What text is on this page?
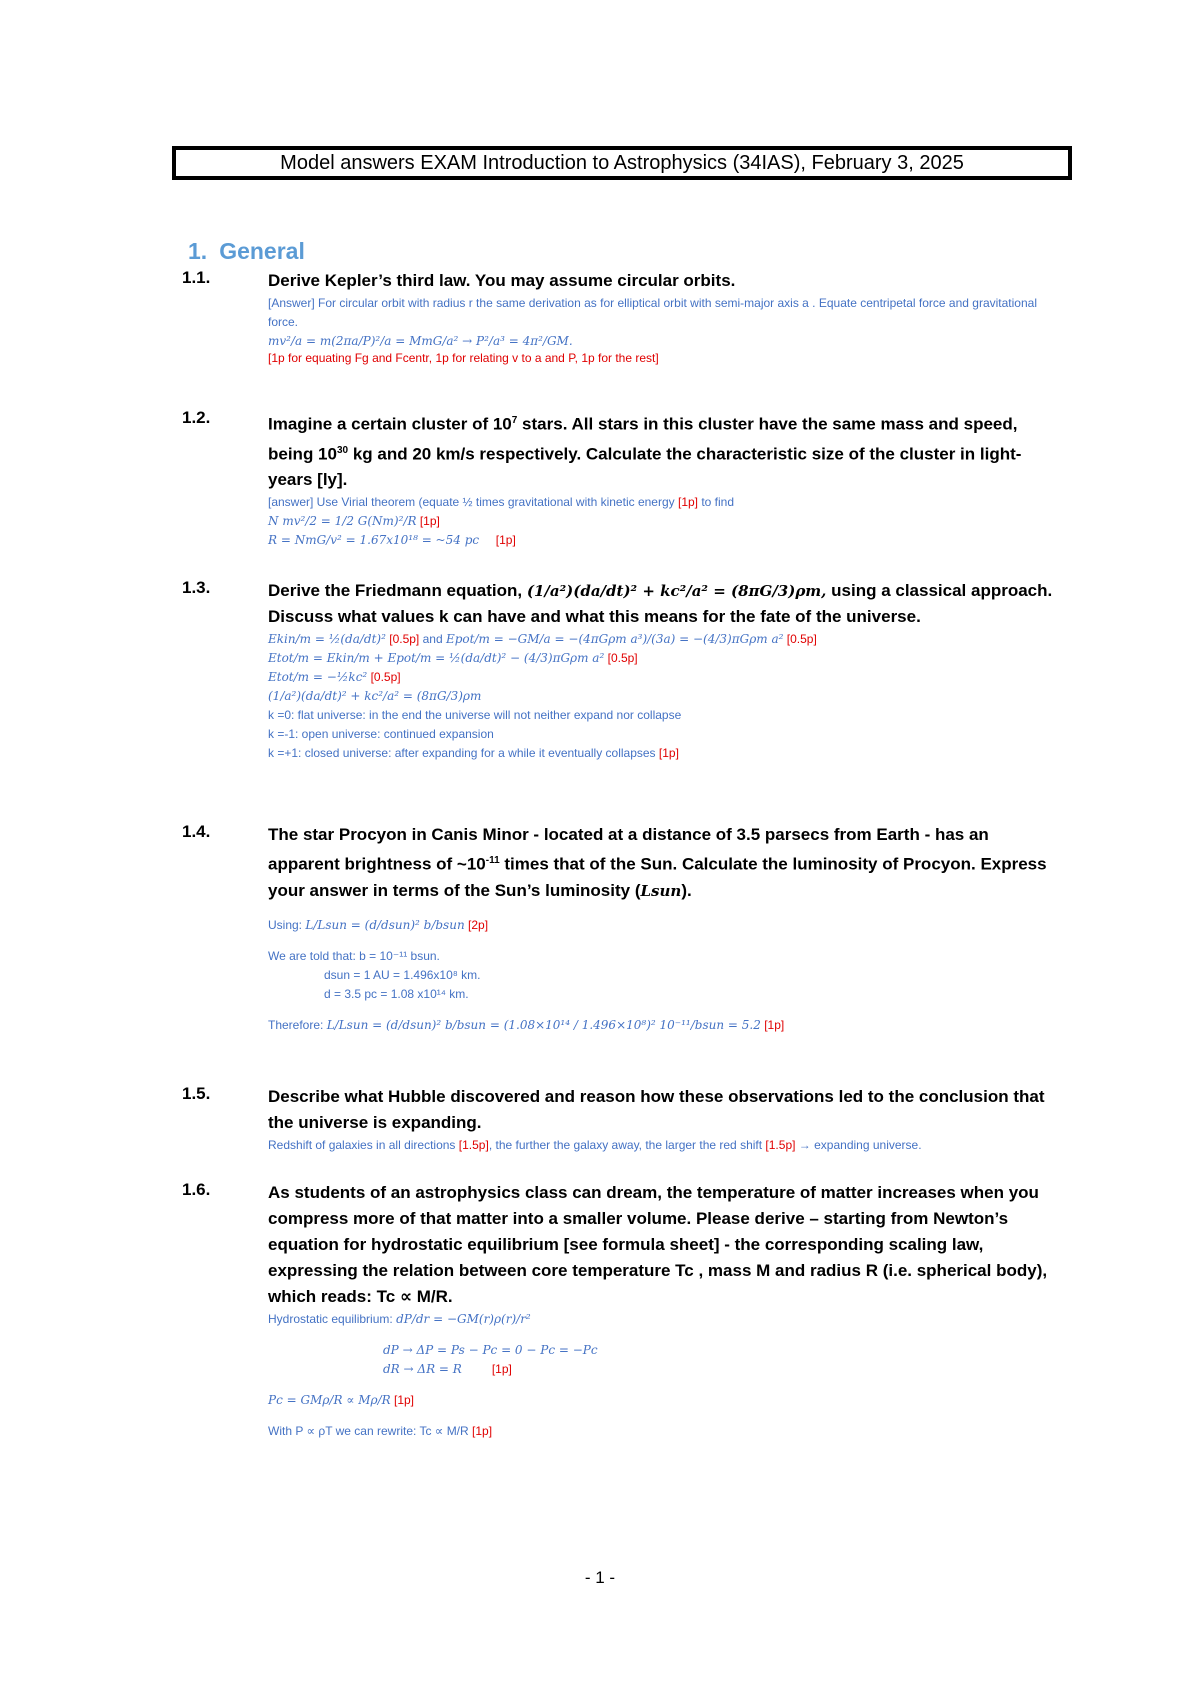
Model answers EXAM Introduction to Astrophysics (34IAS), February 3, 2025
1. General
1.1.	Derive Kepler’s third law. You may assume circular orbits.
[Answer] For circular orbit with radius r the same derivation as for elliptical orbit with semi-major axis a . Equate centripetal force and gravitational force.
mv²/a = m(2πa/P)²/a = MmG/a² → P²/a³ = 4π²/GM.
[1p for equating Fg and Fcentr, 1p for relating v to a and P, 1p for the rest]
1.2.	Imagine a certain cluster of $10^7$ stars. All stars in this cluster have the same mass and speed, being $10^{30}$ kg and 20 km/s respectively. Calculate the characteristic size of the cluster in light-years [ly].
[answer] Use Virial theorem (equate ½ times gravitational with kinetic energy [1p] to find
N mv²/2 = 1/2 G(Nm)²/R [1p]
R = NmG/v² = 1.67x10¹⁸ = ~54 pc [1p]
1.3.	Derive the Friedmann equation, (1/a²)(da/dt)² + kc²/a² = (8πG/3)ρm, using a classical approach. Discuss what values k can have and what this means for the fate of the universe.
Ekin/m = ½(da/dt)² [0.5p] and Epot/m = −GM/a = −(4πGρm a³)/(3a) = −(4/3)πGρm a² [0.5p]
Etot/m = Ekin/m + Epot/m = ½(da/dt)² − (4/3)πGρm a² [0.5p]
Etot/m = −½kc² [0.5p]
(1/a²)(da/dt)² + kc²/a² = (8πG/3)ρm
k =0: flat universe: in the end the universe will not neither expand nor collapse
k =-1: open universe: continued expansion
k =+1: closed universe: after expanding for a while it eventually collapses [1p]
1.4.	The star Procyon in Canis Minor - located at a distance of 3.5 parsecs from Earth - has an apparent brightness of $\sim 10^{-11}$ times that of the Sun. Calculate the luminosity of Procyon. Express your answer in terms of the Sun’s luminosity (Lsun).
Using: L/Lsun = (d/dsun)² b/bsun [2p]
We are told that: b = 10⁻¹¹ bsun.
dsun = 1 AU = 1.496x10⁸ km.
d = 3.5 pc = 1.08 x10¹⁴ km.
Therefore: L/Lsun = (d/dsun)² b/bsun = (1.08×10¹⁴ / 1.496×10⁸)² 10⁻¹¹/bsun = 5.2 [1p]
1.5.	Describe what Hubble discovered and reason how these observations led to the conclusion that the universe is expanding.
Redshift of galaxies in all directions [1.5p], the further the galaxy away, the larger the red shift [1.5p] → expanding universe.
1.6.	As students of an astrophysics class can dream, the temperature of matter increases when you compress more of that matter into a smaller volume. Please derive – starting from Newton’s equation for hydrostatic equilibrium [see formula sheet] - the corresponding scaling law, expressing the relation between core temperature Tc , mass M and radius R (i.e. spherical body),
which reads: Tc ∝ M/R.
Hydrostatic equilibrium: dP/dr = −GM(r)ρ(r)/r²
dP → ΔP = Ps − Pc = 0 − Pc = −Pc
dR → ΔR = R	[1p]
Pc = GMρ/R ∝ Mρ/R [1p]
With P ∝ ρT we can rewrite: Tc ∝ M/R [1p]
- 1 -
